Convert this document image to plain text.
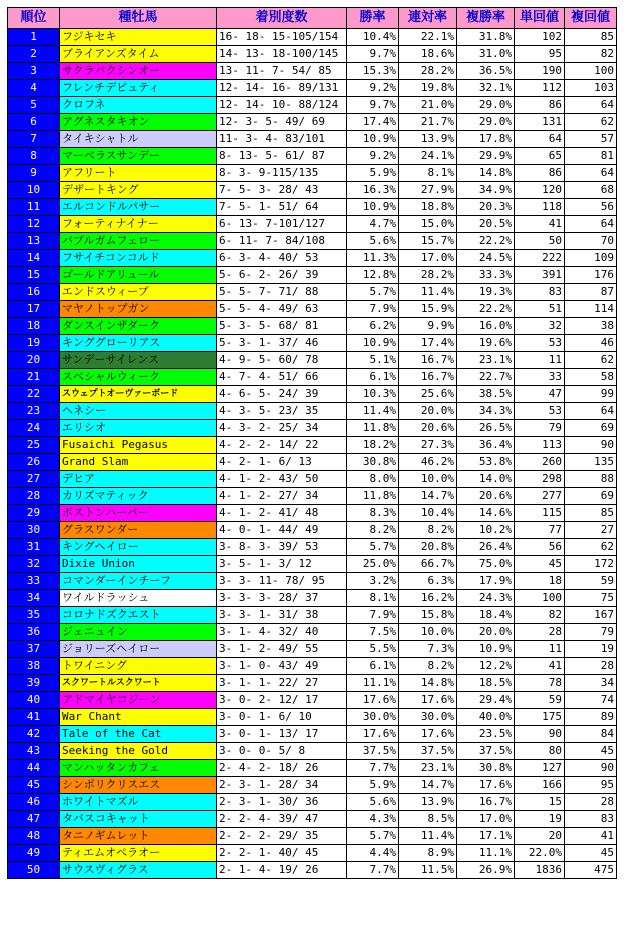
順位	種牡馬	着別度数	勝率	連対率	複勝率	単回値	複回値
1	フジキセキ	16- 18- 15-105/154	10.4%	22.1%	31.8%	102	85
2	ブライアンズタイム	14- 13- 18-100/145	9.7%	18.6%	31.0%	95	82
3	サクラバクシンオー	13- 11- 7- 54/ 85	15.3%	28.2%	36.5%	190	100
4	フレンチデピュティ	12- 14- 16- 89/131	9.2%	19.8%	32.1%	112	103
5	クロフネ	12- 14- 10- 88/124	9.7%	21.0%	29.0%	86	64
6	アグネスタキオン	12- 3- 5- 49/ 69	17.4%	21.7%	29.0%	131	62
7	タイキシャトル	11- 3- 4- 83/101	10.9%	13.9%	17.8%	64	57
8	マーベラスサンデー	8- 13- 5- 61/ 87	9.2%	24.1%	29.9%	65	81
9	アフリート	8- 3- 9-115/135	5.9%	8.1%	14.8%	86	64
10	デザートキング	7- 5- 3- 28/ 43	16.3%	27.9%	34.9%	120	68
11	エルコンドルパサー	7- 5- 1- 51/ 64	10.9%	18.8%	20.3%	118	56
12	フォーティナイナー	6- 13- 7-101/127	4.7%	15.0%	20.5%	41	64
13	バブルガムフェロー	6- 11- 7- 84/108	5.6%	15.7%	22.2%	50	70
14	フサイチコンコルド	6- 3- 4- 40/ 53	11.3%	17.0%	24.5%	222	109
15	ゴールドアリュール	5- 6- 2- 26/ 39	12.8%	28.2%	33.3%	391	176
16	エンドスウィープ	5- 5- 7- 71/ 88	5.7%	11.4%	19.3%	83	87
17	マヤノトップガン	5- 5- 4- 49/ 63	7.9%	15.9%	22.2%	51	114
18	ダンスインザダーク	5- 3- 5- 68/ 81	6.2%	9.9%	16.0%	32	38
19	キンググローリアス	5- 3- 1- 37/ 46	10.9%	17.4%	19.6%	53	46
20	サンデーサイレンス	4- 9- 5- 60/ 78	5.1%	16.7%	23.1%	11	62
21	スペシャルウィーク	4- 7- 4- 51/ 66	6.1%	16.7%	22.7%	33	58
22	スウェプトオーヴァーボード	4- 6- 5- 24/ 39	10.3%	25.6%	38.5%	47	99
23	ヘネシー	4- 3- 5- 23/ 35	11.4%	20.0%	34.3%	53	64
24	エリシオ	4- 3- 2- 25/ 34	11.8%	20.6%	26.5%	79	69
25	Fusaichi Pegasus	4- 2- 2- 14/ 22	18.2%	27.3%	36.4%	113	90
26	Grand Slam	4- 2- 1- 6/ 13	30.8%	46.2%	53.8%	260	135
27	デヒア	4- 1- 2- 43/ 50	8.0%	10.0%	14.0%	298	88
28	カリズマティック	4- 1- 2- 27/ 34	11.8%	14.7%	20.6%	277	69
29	ボストンハーバー	4- 1- 2- 41/ 48	8.3%	10.4%	14.6%	115	85
30	グラスワンダー	4- 0- 1- 44/ 49	8.2%	8.2%	10.2%	77	27
31	キングヘイロー	3- 8- 3- 39/ 53	5.7%	20.8%	26.4%	56	62
32	Dixie Union	3- 5- 1- 3/ 12	25.0%	66.7%	75.0%	45	172
33	コマンダーインチーフ	3- 3- 11- 78/ 95	3.2%	6.3%	17.9%	18	59
34	ワイルドラッシュ	3- 3- 3- 28/ 37	8.1%	16.2%	24.3%	100	75
35	コロナドズクエスト	3- 3- 1- 31/ 38	7.9%	15.8%	18.4%	82	167
36	ジェニュイン	3- 1- 4- 32/ 40	7.5%	10.0%	20.0%	28	79
37	ジョリーズヘイロー	3- 1- 2- 49/ 55	5.5%	7.3%	10.9%	11	19
38	トワイニング	3- 1- 0- 43/ 49	6.1%	8.2%	12.2%	41	28
39	スクワートルスクワート	3- 1- 1- 22/ 27	11.1%	14.8%	18.5%	78	34
40	アドマイヤコジーン	3- 0- 2- 12/ 17	17.6%	17.6%	29.4%	59	74
41	War Chant	3- 0- 1- 6/ 10	30.0%	30.0%	40.0%	175	89
42	Tale of the Cat	3- 0- 1- 13/ 17	17.6%	17.6%	23.5%	90	84
43	Seeking the Gold	3- 0- 0- 5/ 8	37.5%	37.5%	37.5%	80	45
44	マンハッタンカフェ	2- 4- 2- 18/ 26	7.7%	23.1%	30.8%	127	90
45	シンボリクリスエス	2- 3- 1- 28/ 34	5.9%	14.7%	17.6%	166	95
46	ホワイトマズル	2- 3- 1- 30/ 36	5.6%	13.9%	16.7%	15	28
47	タバスコキャット	2- 2- 4- 39/ 47	4.3%	8.5%	17.0%	19	83
48	タニノギムレット	2- 2- 2- 29/ 35	5.7%	11.4%	17.1%	20	41
49	ティエムオペラオー	2- 2- 1- 40/ 45	4.4%	8.9%	11.1%	22.0%	45
50	サウスヴィグラス	2- 1- 4- 19/ 26	7.7%	11.5%	26.9%	1836	475
